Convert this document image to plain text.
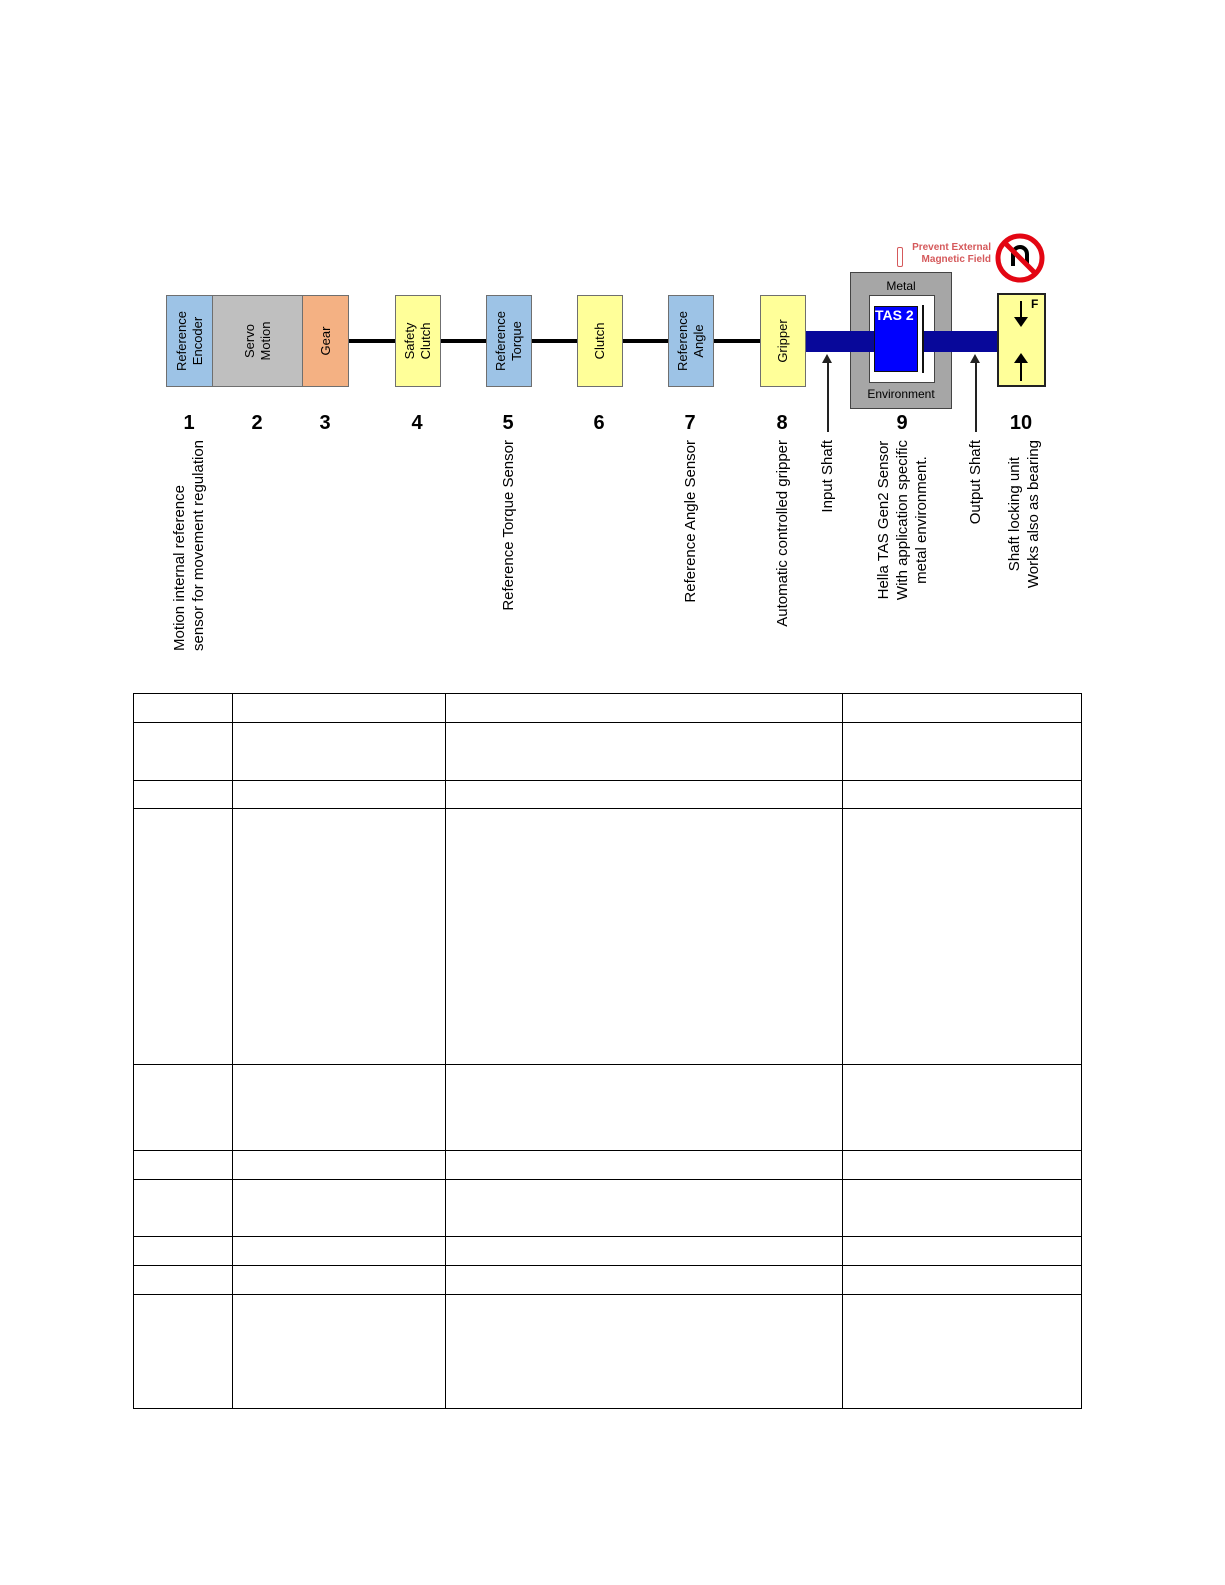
Reference
Encoder	Servo
Motion	Gear	Safety
Clutch	Reference
Torque	Clutch	Reference
Angle	Gripper
Metal
Environment
TAS 2
F
Prevent External
Magnetic Field
1	2	3	4	5	6	7	8	9	10
Motion internal reference
sensor for movement regulation	Reference Torque Sensor	Reference Angle Sensor	Automatic controlled gripper Input Shaft
Hella TAS Gen2 Sensor
With application specific
metal environment. Output Shaft
Shaft locking unit
Works also as bearing
